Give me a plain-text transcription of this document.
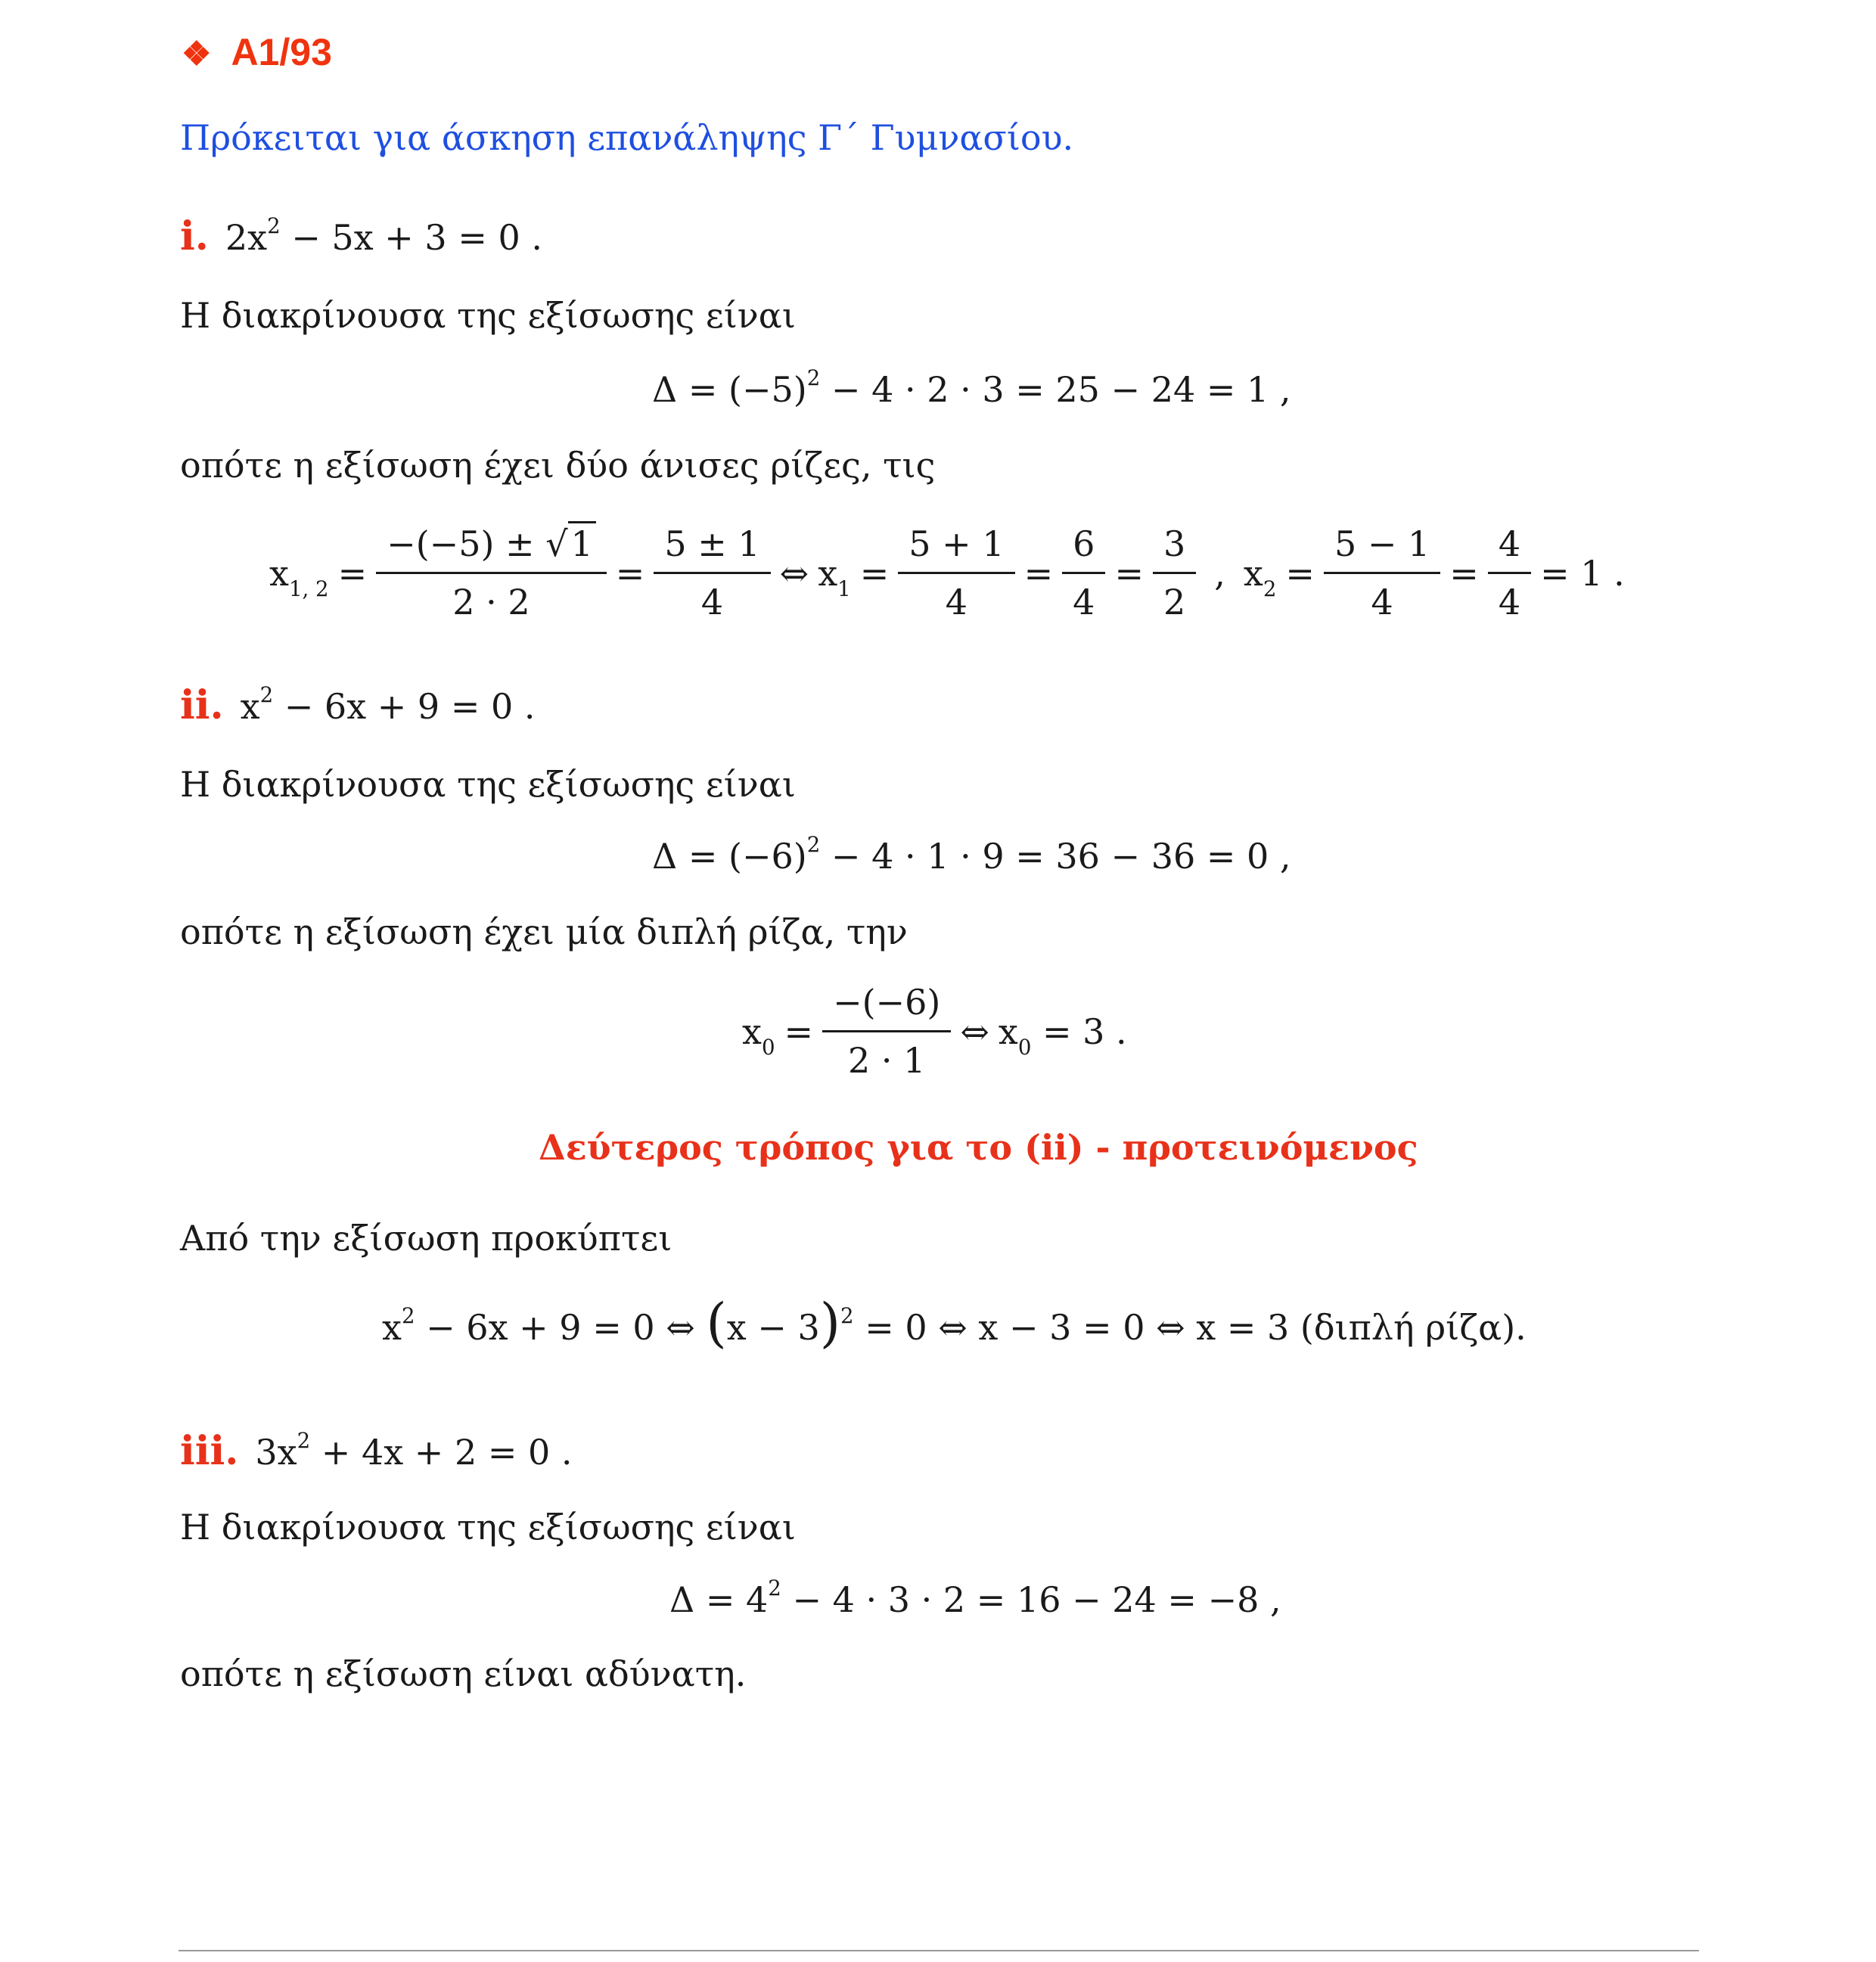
❖ Α1/93
Πρόκειται για άσκηση επανάληψης Γ΄ Γυμνασίου.
i. $2x^2 - 5x + 3 = 0$ .
Η διακρίνουσα της εξίσωσης είναι
$\Delta = (-5)^2 - 4 \cdot 2 \cdot 3 = 25 - 24 = 1$ ,
οπότε η εξίσωση έχει δύο άνισες ρίζες, τις
$x_{1, 2} = \frac{-(-5) \pm √1}{2 \cdot 2} = \frac{5 \pm 1}{4}$ ⇔ $x_1 = \frac{5 + 1}{4} = \frac{6}{4} = \frac{3}{2}$ , $x_2 = \frac{5 - 1}{4} = \frac{4}{4} = 1$ .
ii. $x^2 - 6x + 9 = 0$ .
Η διακρίνουσα της εξίσωσης είναι
$\Delta = (-6)^2 - 4 \cdot 1 \cdot 9 = 36 - 36 = 0$ ,
οπότε η εξίσωση έχει μία διπλή ρίζα, την
$x_0 = \frac{-(-6)}{2 \cdot 1}$ ⇔ $x_0 = 3$ .
Δεύτερος τρόπος για το (ii) - προτεινόμενος
Από την εξίσωση προκύπτει
$x^2 - 6x + 9 = 0$ ⇔ $(x - 3)^2 = 0$ ⇔ x − 3 = 0 ⇔ x = 3 (διπλή ρίζα).
iii. $3x^2 + 4x + 2 = 0$ .
Η διακρίνουσα της εξίσωσης είναι
$\Delta = 4^2 - 4 \cdot 3 \cdot 2 = 16 - 24 = -8$ ,
οπότε η εξίσωση είναι αδύνατη.
